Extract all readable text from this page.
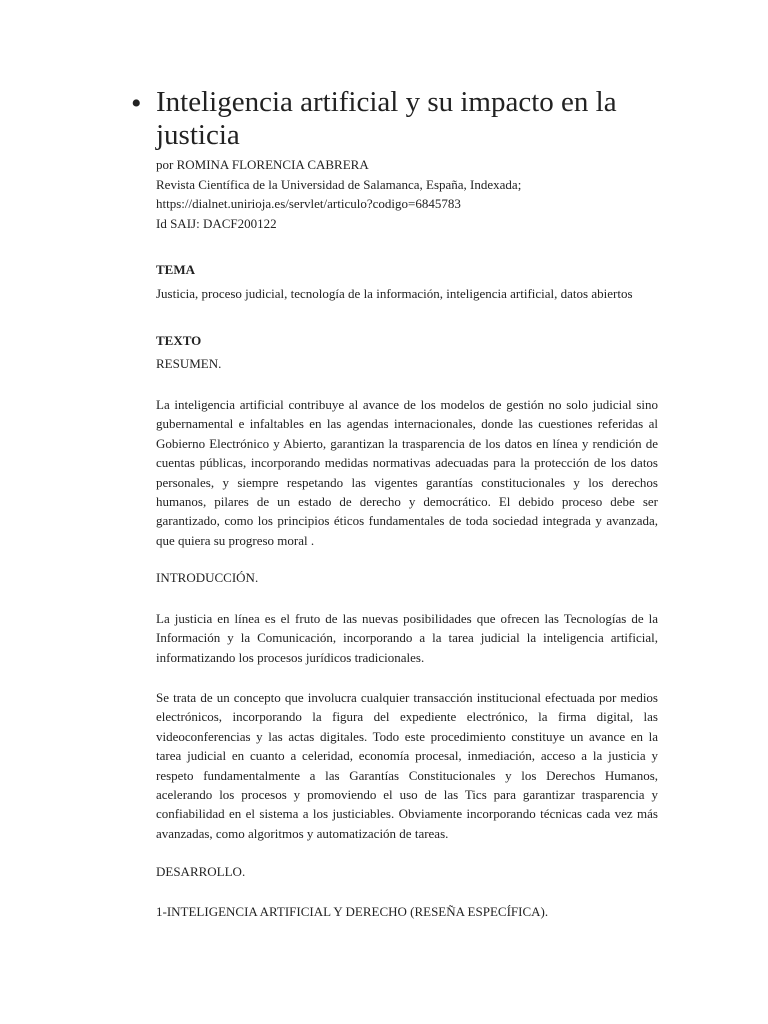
• Inteligencia artificial y su impacto en la justicia
por ROMINA FLORENCIA CABRERA
Revista Científica de la Universidad de Salamanca, España, Indexada;
https://dialnet.unirioja.es/servlet/articulo?codigo=6845783
Id SAIJ: DACF200122
TEMA
Justicia, proceso judicial, tecnología de la información, inteligencia artificial, datos abiertos
TEXTO
RESUMEN.

La inteligencia artificial contribuye al avance de los modelos de gestión no solo judicial sino gubernamental e infaltables en las agendas internacionales, donde las cuestiones referidas al Gobierno Electrónico y Abierto, garantizan la trasparencia de los datos en línea y rendición de cuentas públicas, incorporando medidas normativas adecuadas para la protección de los datos personales, y siempre respetando las vigentes garantías constitucionales y los derechos humanos, pilares de un estado de derecho y democrático. El debido proceso debe ser garantizado, como los principios éticos fundamentales de toda sociedad integrada y avanzada, que quiera su progreso moral .

INTRODUCCIÓN.

La justicia en línea es el fruto de las nuevas posibilidades que ofrecen las Tecnologías de la Información y la Comunicación, incorporando a la tarea judicial la inteligencia artificial, informatizando los procesos jurídicos tradicionales.

Se trata de un concepto que involucra cualquier transacción institucional efectuada por medios electrónicos, incorporando la figura del expediente electrónico, la firma digital, las videoconferencias y las actas digitales. Todo este procedimiento constituye un avance en la tarea judicial en cuanto a celeridad, economía procesal, inmediación, acceso a la justicia y respeto fundamentalmente a las Garantías Constitucionales y los Derechos Humanos, acelerando los procesos y promoviendo el uso de las Tics para garantizar trasparencia y confiabilidad en el sistema a los justiciables. Obviamente incorporando técnicas cada vez más avanzadas, como algoritmos y automatización de tareas.

DESARROLLO.
1-INTELIGENCIA ARTIFICIAL Y DERECHO (RESEÑA ESPECÍFICA).
